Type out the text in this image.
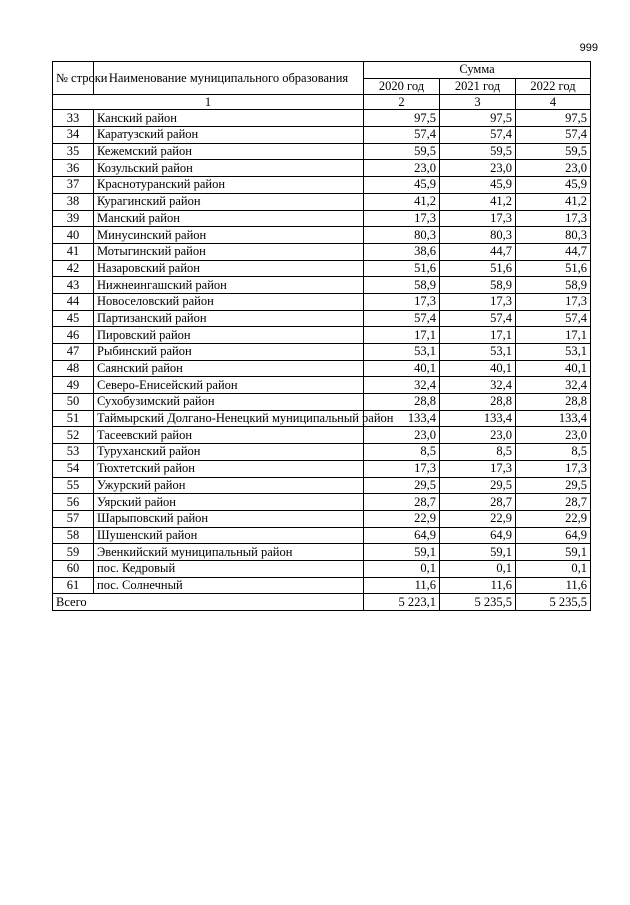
999
№ строки	Наименование муниципального образования	Сумма		
		2020 год	2021 год	2022 год
1		2	3	4
33	Канский район	97,5	97,5	97,5
34	Каратузский район	57,4	57,4	57,4
35	Кежемский район	59,5	59,5	59,5
36	Козульский район	23,0	23,0	23,0
37	Краснотуранский район	45,9	45,9	45,9
38	Курагинский район	41,2	41,2	41,2
39	Манский район	17,3	17,3	17,3
40	Минусинский район	80,3	80,3	80,3
41	Мотыгинский район	38,6	44,7	44,7
42	Назаровский район	51,6	51,6	51,6
43	Нижнеингашский район	58,9	58,9	58,9
44	Новоселовский район	17,3	17,3	17,3
45	Партизанский район	57,4	57,4	57,4
46	Пировский район	17,1	17,1	17,1
47	Рыбинский район	53,1	53,1	53,1
48	Саянский район	40,1	40,1	40,1
49	Северо-Енисейский район	32,4	32,4	32,4
50	Сухобузимский район	28,8	28,8	28,8
51	Таймырский Долгано-Ненецкий муниципальный район	133,4	133,4	133,4
52	Тасеевский район	23,0	23,0	23,0
53	Туруханский район	8,5	8,5	8,5
54	Тюхтетский район	17,3	17,3	17,3
55	Ужурский район	29,5	29,5	29,5
56	Уярский район	28,7	28,7	28,7
57	Шарыповский район	22,9	22,9	22,9
58	Шушенский район	64,9	64,9	64,9
59	Эвенкийский муниципальный район	59,1	59,1	59,1
60	пос. Кедровый	0,1	0,1	0,1
61	пос. Солнечный	11,6	11,6	11,6
Всего		5 223,1	5 235,5	5 235,5
